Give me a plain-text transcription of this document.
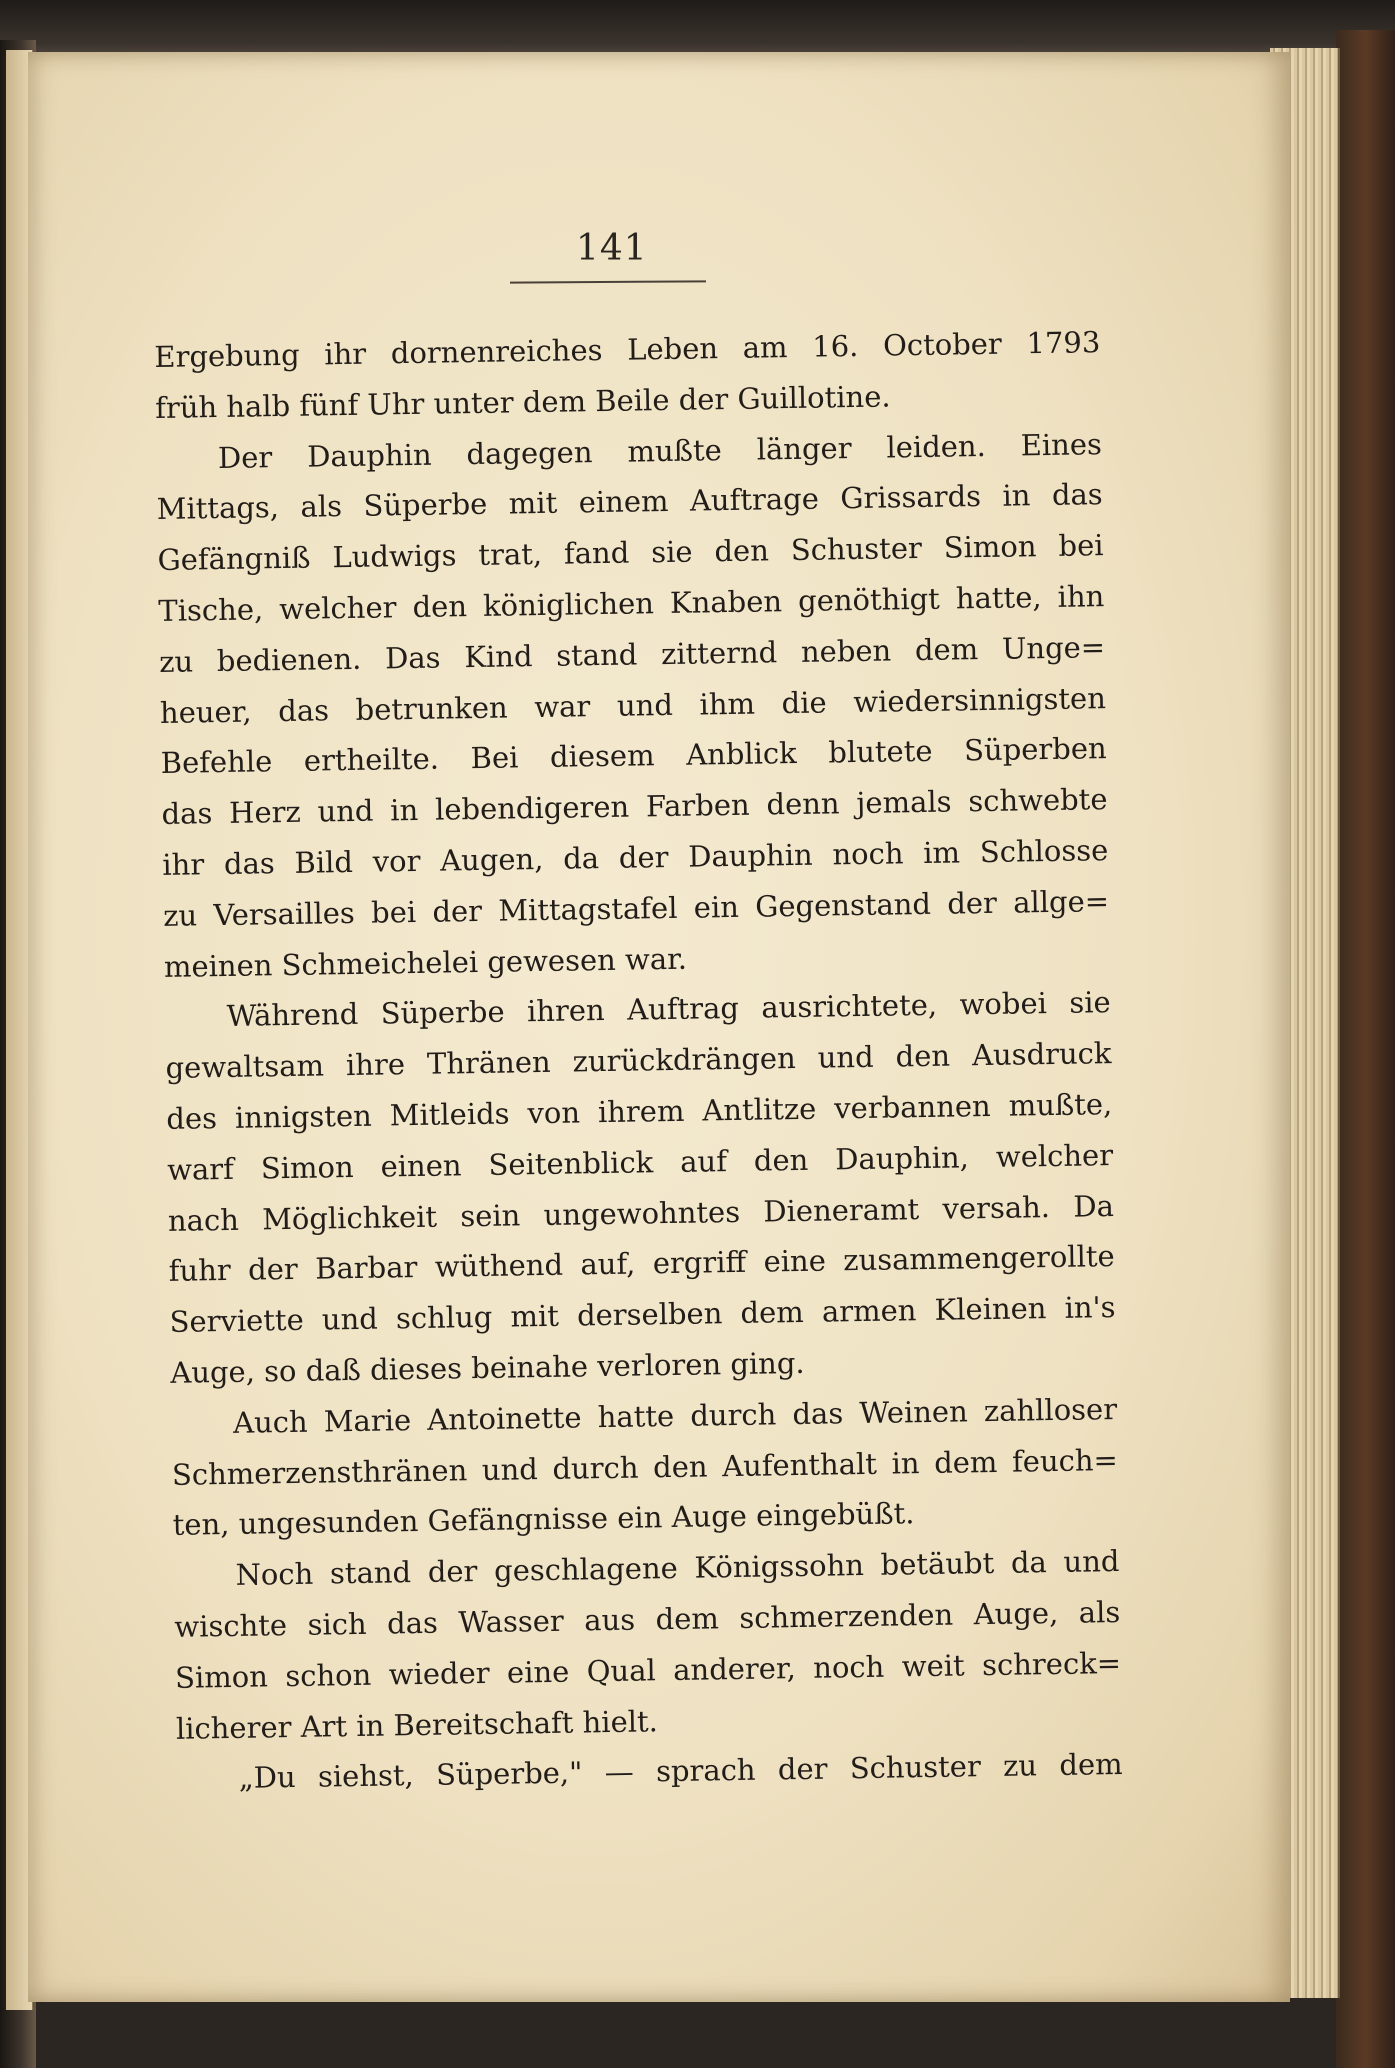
141
Ergebung ihr dornenreiches Leben am 16. October 1793
früh halb fünf Uhr unter dem Beile der Guillotine.
Der Dauphin dagegen mußte länger leiden. Eines
Mittags, als Süperbe mit einem Auftrage Grissards in das
Gefängniß Ludwigs trat, fand sie den Schuster Simon bei
Tische, welcher den königlichen Knaben genöthigt hatte, ihn
zu bedienen. Das Kind stand zitternd neben dem Unge=
heuer, das betrunken war und ihm die wiedersinnigsten
Befehle ertheilte. Bei diesem Anblick blutete Süperben
das Herz und in lebendigeren Farben denn jemals schwebte
ihr das Bild vor Augen, da der Dauphin noch im Schlosse
zu Versailles bei der Mittagstafel ein Gegenstand der allge=
meinen Schmeichelei gewesen war.
Während Süperbe ihren Auftrag ausrichtete, wobei sie
gewaltsam ihre Thränen zurückdrängen und den Ausdruck
des innigsten Mitleids von ihrem Antlitze verbannen mußte,
warf Simon einen Seitenblick auf den Dauphin, welcher
nach Möglichkeit sein ungewohntes Dieneramt versah. Da
fuhr der Barbar wüthend auf, ergriff eine zusammengerollte
Serviette und schlug mit derselben dem armen Kleinen in's
Auge, so daß dieses beinahe verloren ging.
Auch Marie Antoinette hatte durch das Weinen zahlloser
Schmerzensthränen und durch den Aufenthalt in dem feuch=
ten, ungesunden Gefängnisse ein Auge eingebüßt.
Noch stand der geschlagene Königssohn betäubt da und
wischte sich das Wasser aus dem schmerzenden Auge, als
Simon schon wieder eine Qual anderer, noch weit schreck=
licherer Art in Bereitschaft hielt.
„Du siehst, Süperbe," — sprach der Schuster zu dem
